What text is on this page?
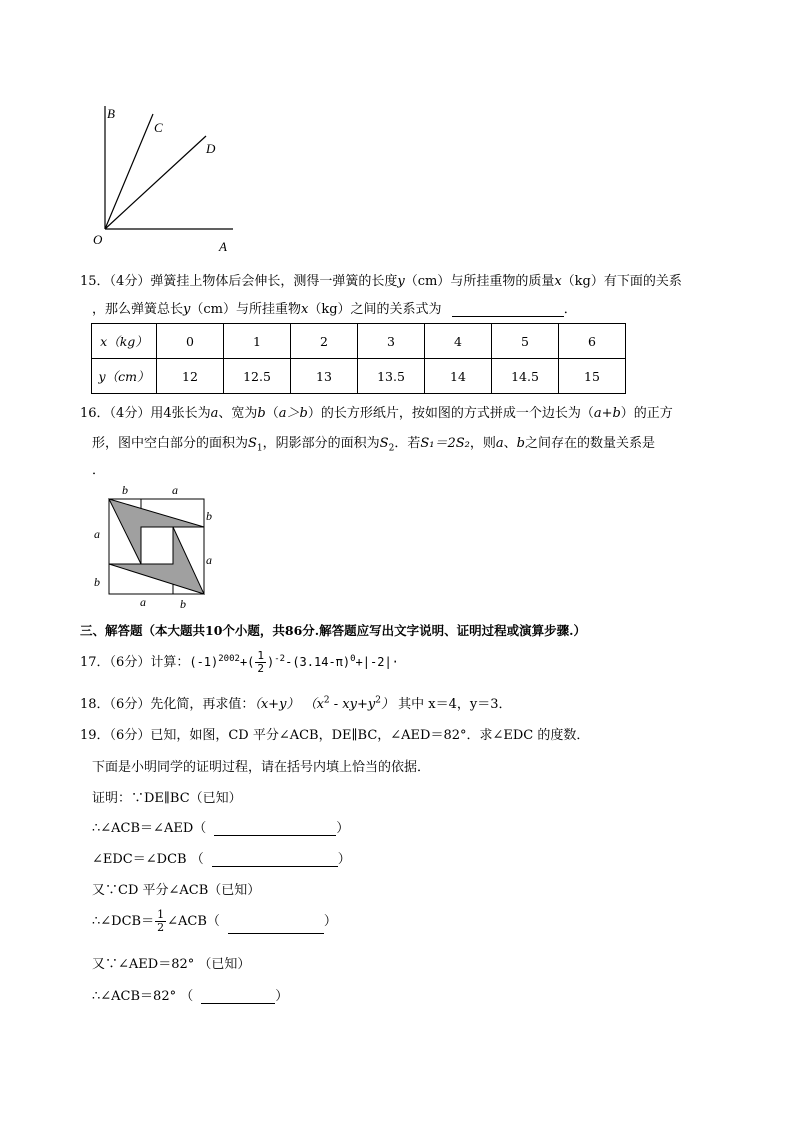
B
C
D
O	A
15．（4分）弹簧挂上物体后会伸长，测得一弹簧的长度y（cm）与所挂重物的质量x（kg）有下面的关系
，那么弹簧总长y（cm）与所挂重物x（kg）之间的关系式为	．
x（kg）	0	1	2	3	4	5	6
y（cm）	12	12.5	13	13.5	14	14.5	15
16．（4分）用4张长为a、宽为b（a＞b）的长方形纸片，按如图的方式拼成一个边长为（a+b）的正方
形，图中空白部分的面积为$S_1$，阴影部分的面积为$S_2$．若S₁＝2S₂，则a、b之间存在的数量关系是
．
b	a
b
a
a
b
a	b
三、解答题（本大题共10个小题，共86分.解答题应写出文字说明、证明过程或演算步骤.）
17．（6分）计算：$(-1)^{2002}+( \frac{1}{2} )^{-2}-(3.14-\pi)^0+|-2|\cdot$
18．（6分）先化简，再求值：（x+y） $(x^2 - xy+y^2)$ 其中 x＝4，y＝3．
19．（6分）已知，如图，CD 平分∠ACB，DE∥BC，∠AED＝82°．求∠EDC 的度数．
下面是小明同学的证明过程，请在括号内填上恰当的依据．
证明：∵DE∥BC（已知）
∴∠ACB＝∠AED（	）
∠EDC＝∠DCB （	）
又∵CD 平分∠ACB（已知）
∴∠DCB＝ $\frac{1}{2}$ ∠ACB（	）
又∵∠AED＝82° （已知）
∴∠ACB＝82° （	）
